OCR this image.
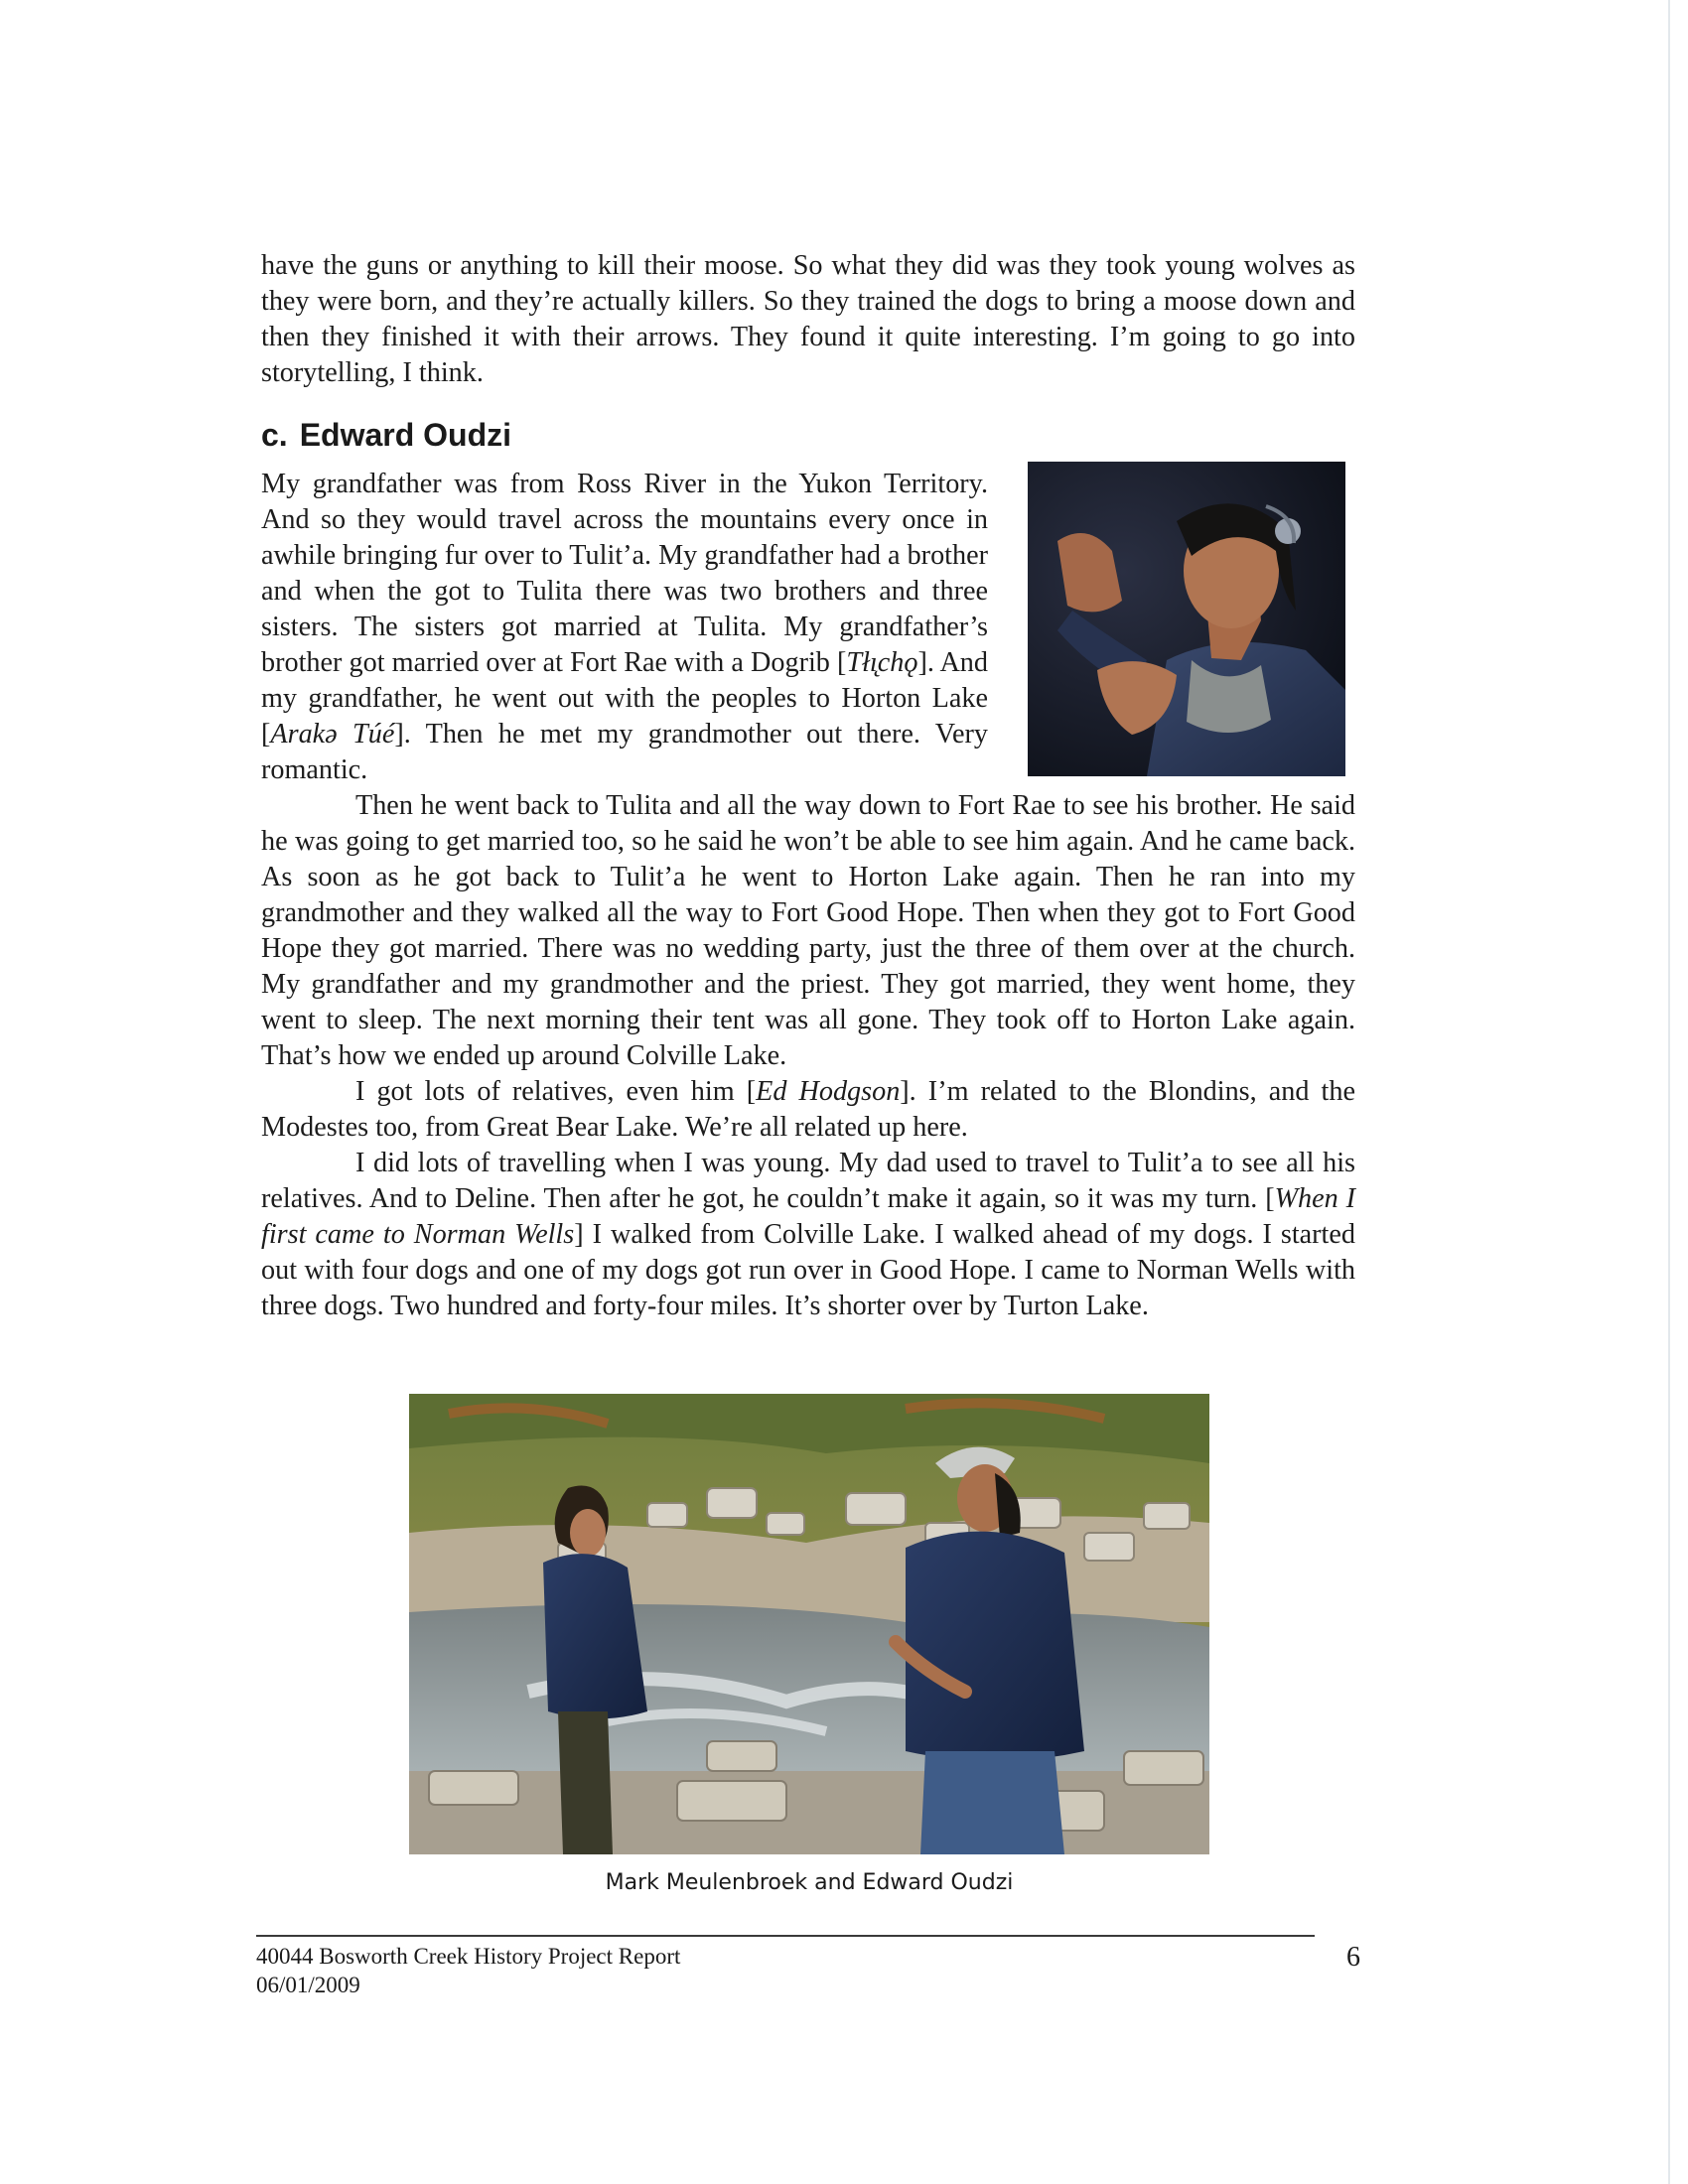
have the guns or anything to kill their moose. So what they did was they took young wolves as they were born, and they’re actually killers. So they trained the dogs to bring a moose down and then they finished it with their arrows. They found it quite interesting. I’m going to go into storytelling, I think.

c. Edward Oudzi

My grandfather was from Ross River in the Yukon Territory. And so they would travel across the mountains every once in awhile bringing fur over to Tulit’a. My grandfather had a brother and when the got to Tulita there was two brothers and three sisters. The sisters got married at Tulita. My grandfather’s brother got married over at Fort Rae with a Dogrib [Tłı̨chǫ]. And my grandfather, he went out with the peoples to Horton Lake [Arakə Túé]. Then he met my grandmother out there. Very romantic.

Then he went back to Tulita and all the way down to Fort Rae to see his brother. He said he was going to get married too, so he said he won’t be able to see him again. And he came back. As soon as he got back to Tulit’a he went to Horton Lake again. Then he ran into my grandmother and they walked all the way to Fort Good Hope. Then when they got to Fort Good Hope they got married. There was no wedding party, just the three of them over at the church. My grandfather and my grandmother and the priest. They got married, they went home, they went to sleep. The next morning their tent was all gone. They took off to Horton Lake again. That’s how we ended up around Colville Lake.

I got lots of relatives, even him [Ed Hodgson]. I’m related to the Blondins, and the Modestes too, from Great Bear Lake. We’re all related up here.

I did lots of travelling when I was young. My dad used to travel to Tulit’a to see all his relatives. And to Deline. Then after he got, he couldn’t make it again, so it was my turn. [When I first came to Norman Wells] I walked from Colville Lake. I walked ahead of my dogs. I started out with four dogs and one of my dogs got run over in Good Hope. I came to Norman Wells with three dogs. Two hundred and forty-four miles. It’s shorter over by Turton Lake.

Mark Meulenbroek and Edward Oudzi
40044 Bosworth Creek History Project Report
06/01/2009
6
